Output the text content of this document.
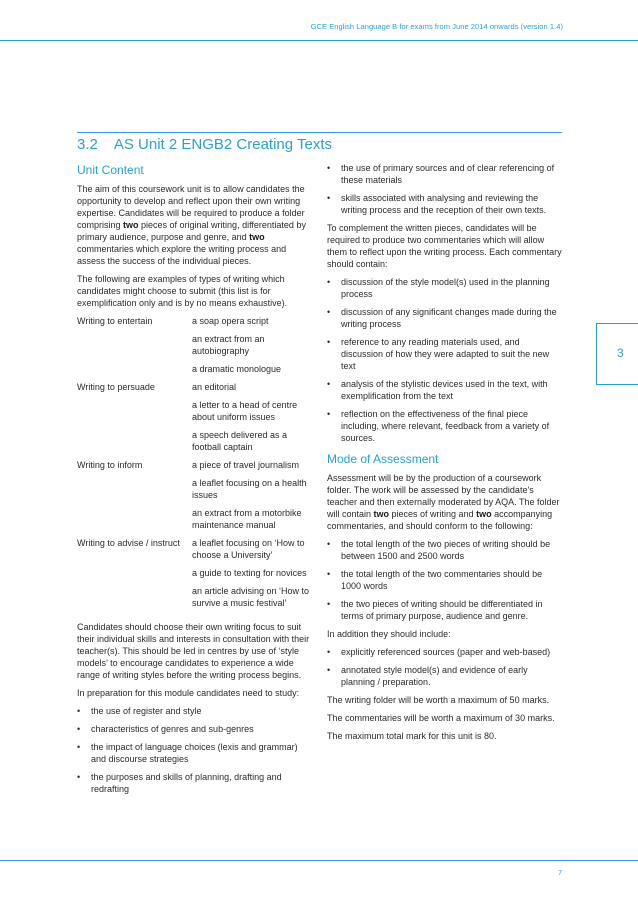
GCE English Language B for exams from June 2014 onwards (version 1.4)
3.2 AS Unit 2 ENGB2 Creating Texts
3
Unit Content

The aim of this coursework unit is to allow candidates the opportunity to develop and reflect upon their own writing expertise. Candidates will be required to produce a folder comprising two pieces of original writing, differentiated by primary audience, purpose and genre, and two commentaries which explore the writing process and assess the success of the individual pieces.

The following are examples of types of writing which candidates might choose to submit (this list is for exemplification only and is by no means exhaustive).

Writing to entertain	a soap opera script
an extract from an autobiography
a dramatic monologue
Writing to persuade	an editorial
a letter to a head of centre about uniform issues
a speech delivered as a football captain
Writing to inform	a piece of travel journalism
a leaflet focusing on a health issues
an extract from a motorbike maintenance manual
Writing to advise / instruct	a leaflet focusing on ‘How to choose a University’
a guide to texting for novices
an article advising on ‘How to survive a music festival’

Candidates should choose their own writing focus to suit their individual skills and interests in consultation with their teacher(s). This should be led in centres by use of ‘style models’ to encourage candidates to experience a wide range of writing styles before the writing process begins.

In preparation for this module candidates need to study:

• the use of register and style
• characteristics of genres and sub-genres
• the impact of language choices (lexis and grammar) and discourse strategies
• the purposes and skills of planning, drafting and redrafting
• the use of primary sources and of clear referencing of these materials
• skills associated with analysing and reviewing the writing process and the reception of their own texts.

To complement the written pieces, candidates will be required to produce two commentaries which will allow them to reflect upon the writing process. Each commentary should contain:

• discussion of the style model(s) used in the planning process
• discussion of any significant changes made during the writing process
• reference to any reading materials used, and discussion of how they were adapted to suit the new text
• analysis of the stylistic devices used in the text, with exemplification from the text
• reflection on the effectiveness of the final piece including, where relevant, feedback from a variety of sources.
Mode of Assessment

Assessment will be by the production of a coursework folder. The work will be assessed by the candidate’s teacher and then externally moderated by AQA. The folder will contain two pieces of writing and two accompanying commentaries, and should conform to the following:

• the total length of the two pieces of writing should be between 1500 and 2500 words
• the total length of the two commentaries should be 1000 words
• the two pieces of writing should be differentiated in terms of primary purpose, audience and genre.

In addition they should include:

• explicitly referenced sources (paper and web-based)
• annotated style model(s) and evidence of early planning / preparation.

The writing folder will be worth a maximum of 50 marks.

The commentaries will be worth a maximum of 30 marks.

The maximum total mark for this unit is 80.

7
